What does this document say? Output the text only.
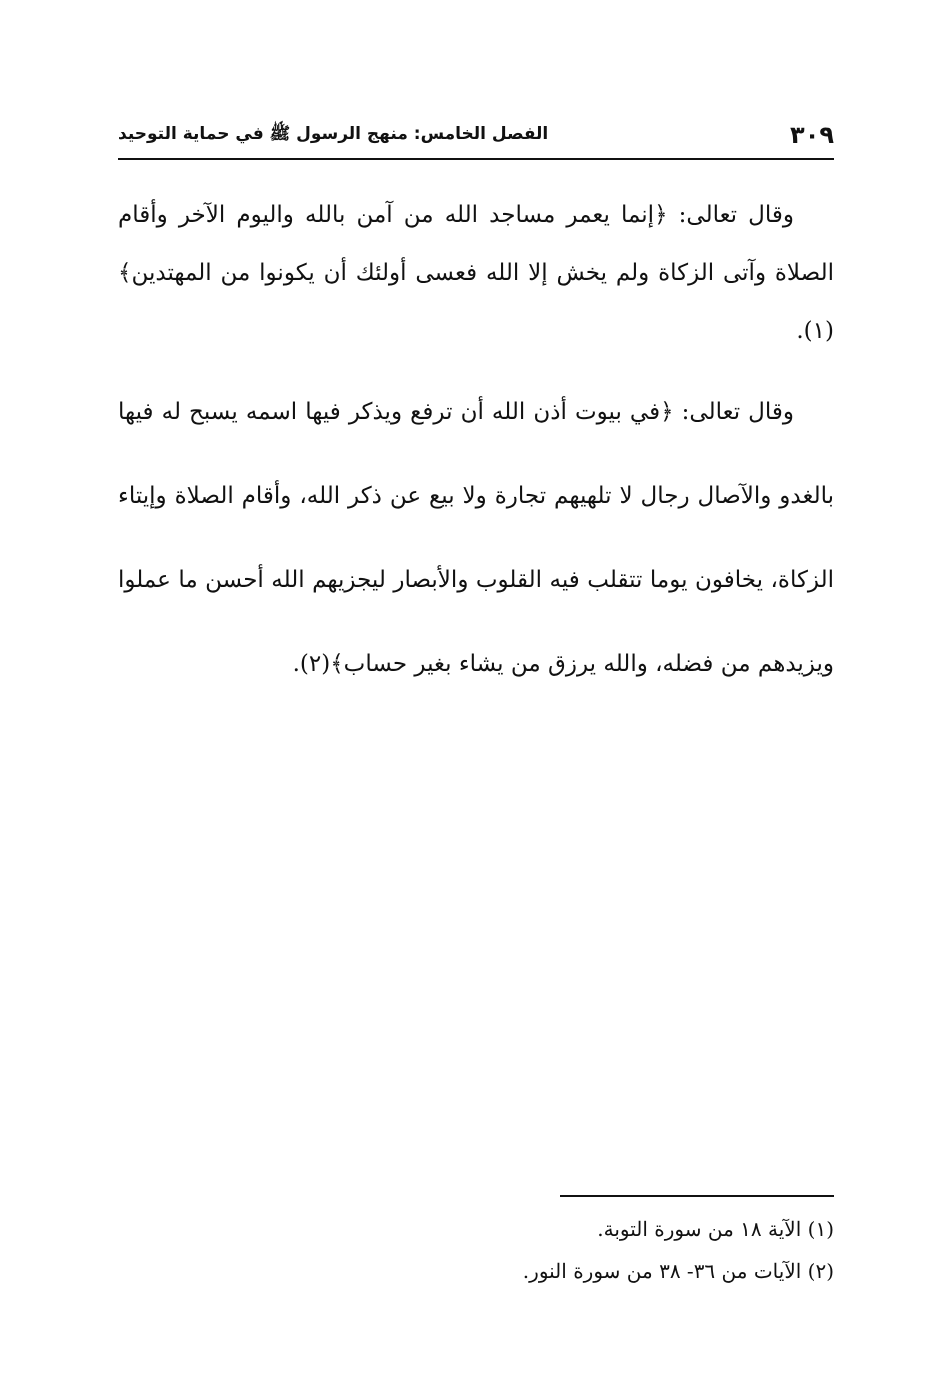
٣٠٩
الفصل الخامس: منهج الرسول ﷺ في حماية التوحيد

وقال تعالى: ﴿إنما يعمر مساجد الله من آمن بالله واليوم الآخر وأقام الصلاة وآتى الزكاة ولم يخش إلا الله فعسى أولئك أن يكونوا من المهتدين﴾(١).

وقال تعالى: ﴿في بيوت أذن الله أن ترفع ويذكر فيها اسمه يسبح له فيها بالغدو والآصال رجال لا تلهيهم تجارة ولا بيع عن ذكر الله، وأقام الصلاة وإيتاء الزكاة، يخافون يوما تتقلب فيه القلوب والأبصار ليجزيهم الله أحسن ما عملوا ويزيدهم من فضله، والله يرزق من يشاء بغير حساب﴾(٢).

(١) الآية ١٨ من سورة التوبة.

(٢) الآيات من ٣٦- ٣٨ من سورة النور.
